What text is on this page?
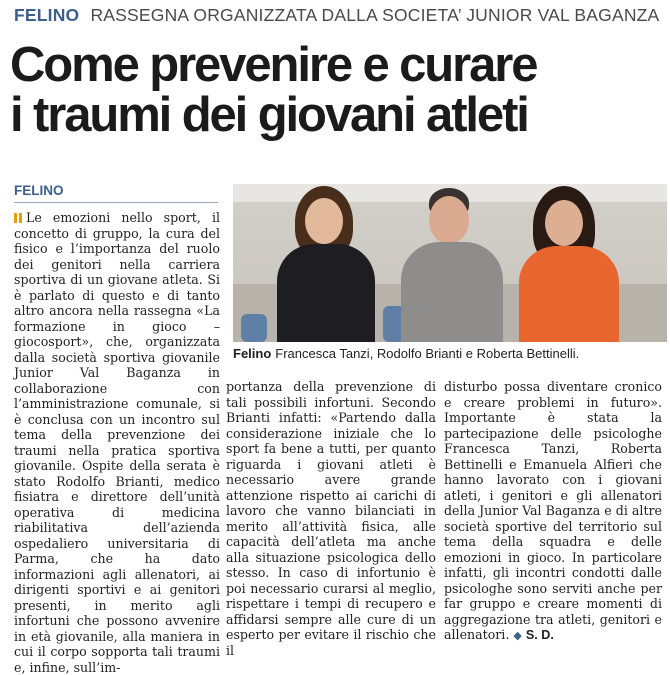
FELINO RASSEGNA ORGANIZZATA DALLA SOCIETA’ JUNIOR VAL BAGANZA
Come prevenire e curare
i traumi dei giovani atleti
FELINO
Felino Francesca Tanzi, Rodolfo Brianti e Roberta Bettinelli.

Le emozioni nello sport, il concetto di gruppo, la cura del fisico e l’importanza del ruolo dei genitori nella carriera sportiva di un giovane atleta. Si è parlato di questo e di tanto altro ancora nella rassegna «La formazione in gioco – giocosport», che, organizzata dalla società sportiva giovanile Junior Val Baganza in collaborazione con l’amministrazione comunale, si è conclusa con un incontro sul tema della prevenzione dei traumi nella pratica sportiva giovanile. Ospite della serata è stato Rodolfo Brianti, medico fisiatra e direttore dell’unità operativa di medicina riabilitativa dell’azienda ospedaliero universitaria di Parma, che ha dato informazioni agli allenatori, ai dirigenti sportivi e ai genitori presenti, in merito agli infortuni che possono avvenire in età giovanile, alla maniera in cui il corpo sopporta tali traumi e, infine, sull’im-

portanza della prevenzione di tali possibili infortuni. Secondo Brianti infatti: «Partendo dalla considerazione iniziale che lo sport fa bene a tutti, per quanto riguarda i giovani atleti è necessario avere grande attenzione rispetto ai carichi di lavoro che vanno bilanciati in merito all’attività fisica, alle capacità dell’atleta ma anche alla situazione psicologica dello stesso. In caso di infortunio è poi necessario curarsi al meglio, rispettare i tempi di recupero e affidarsi sempre alle cure di un esperto per evitare il rischio che il

disturbo possa diventare cronico e creare problemi in futuro». Importante è stata la partecipazione delle psicologhe Francesca Tanzi, Roberta Bettinelli e Emanuela Alfieri che hanno lavorato con i giovani atleti, i genitori e gli allenatori della Junior Val Baganza e di altre società sportive del territorio sul tema della squadra e delle emozioni in gioco. In particolare infatti, gli incontri condotti dalle psicologhe sono serviti anche per far gruppo e creare momenti di aggregazione tra atleti, genitori e allenatori. ◆ S. D.
